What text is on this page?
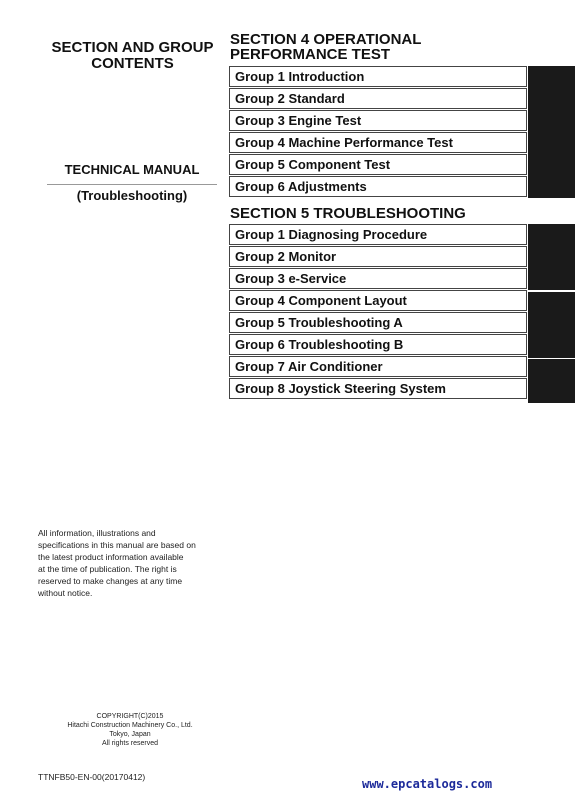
SECTION AND GROUP
CONTENTS
TECHNICAL MANUAL
(Troubleshooting)
SECTION 4 OPERATIONAL
PERFORMANCE TEST
Group 1 Introduction
Group 2 Standard
Group 3 Engine Test
Group 4 Machine Performance Test
Group 5 Component Test
Group 6 Adjustments
SECTION 5 TROUBLESHOOTING
Group 1 Diagnosing Procedure
Group 2 Monitor
Group 3 e-Service
Group 4 Component Layout
Group 5 Troubleshooting A
Group 6 Troubleshooting B
Group 7 Air Conditioner
Group 8 Joystick Steering System
All information, illustrations and
specifications in this manual are based on
the latest product information available
at the time of publication. The right is
reserved to make changes at any time
without notice.
COPYRIGHT(C)2015
Hitachi Construction Machinery Co., Ltd.
Tokyo, Japan
All rights reserved
TTNFB50-EN-00(20170412)	www.epcatalogs.com
